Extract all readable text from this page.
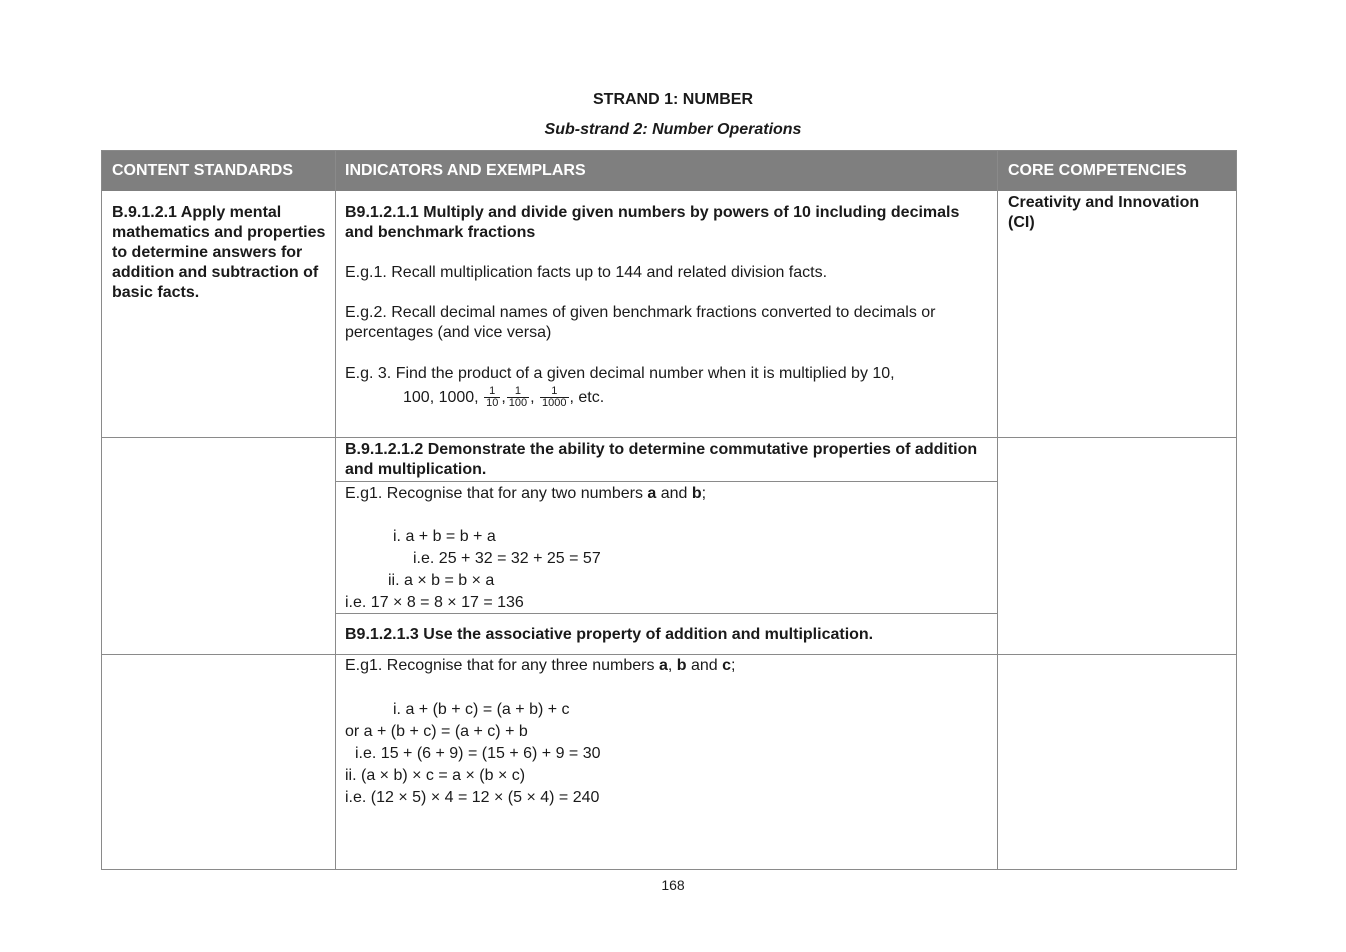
STRAND 1: NUMBER
Sub-strand 2: Number Operations
CONTENT STANDARDS	INDICATORS AND EXEMPLARS	CORE COMPETENCIES
B.9.1.2.1 Apply mental mathematics and properties to determine answers for addition and subtraction of basic facts.
Creativity and Innovation (CI)
B9.1.2.1.1 Multiply and divide given numbers by powers of 10 including decimals and benchmark fractions
E.g.1. Recall multiplication facts up to 144 and related division facts.
E.g.2. Recall decimal names of given benchmark fractions converted to decimals or percentages (and vice versa)
E.g. 3. Find the product of a given decimal number when it is multiplied by 10,
100, 1000, $\frac{1}{10}$ , $\frac{1}{100}$ , $\frac{1}{1000}$ , etc.
B.9.1.2.1.2 Demonstrate the ability to determine commutative properties of addition and multiplication.
E.g1. Recognise that for any two numbers a and b;
i. a + b = b + a
i.e. 25 + 32 = 32 + 25 = 57
ii. a × b = b × a
i.e. 17 × 8 = 8 × 17 = 136
B9.1.2.1.3 Use the associative property of addition and multiplication.
E.g1. Recognise that for any three numbers a, b and c;
i. a + (b + c) = (a + b) + c
or a + (b + c) = (a + c) + b
i.e. 15 + (6 + 9) = (15 + 6) + 9 = 30
ii. (a × b) × c = a × (b × c)
i.e. (12 × 5) × 4 = 12 × (5 × 4) = 240
168
